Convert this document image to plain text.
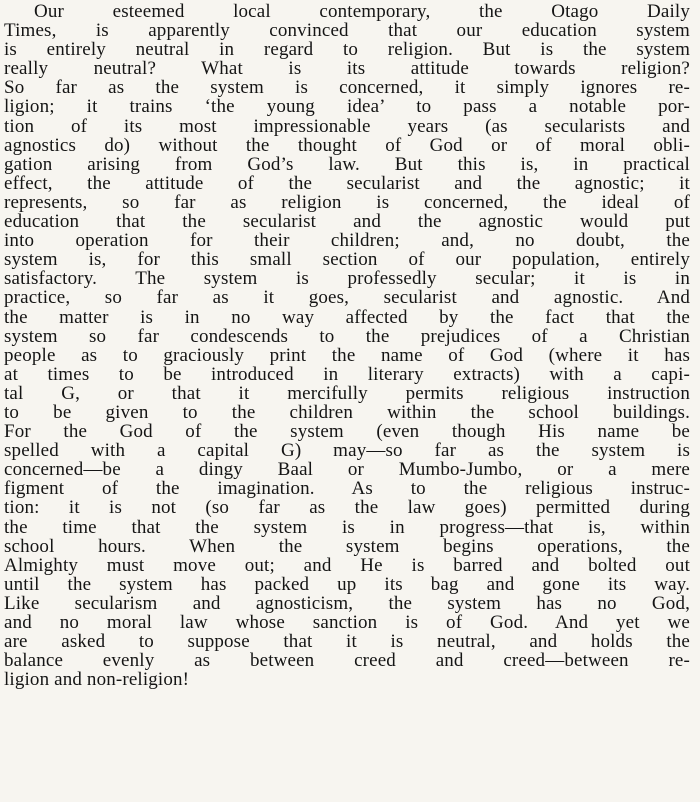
Our esteemed local contemporary, the Otago Daily
Times, is apparently convinced that our education system
is entirely neutral in regard to religion. But is the system
really neutral? What is its attitude towards religion?
So far as the system is concerned, it simply ignores re-
ligion; it trains ‘the young idea’ to pass a notable por-
tion of its most impressionable years (as secularists and
agnostics do) without the thought of God or of moral obli-
gation arising from God’s law. But this is, in practical
effect, the attitude of the secularist and the agnostic; it
represents, so far as religion is concerned, the ideal of
education that the secularist and the agnostic would put
into operation for their children; and, no doubt, the
system is, for this small section of our population, entirely
satisfactory. The system is professedly secular; it is in
practice, so far as it goes, secularist and agnostic. And
the matter is in no way affected by the fact that the
system so far condescends to the prejudices of a Christian
people as to graciously print the name of God (where it has
at times to be introduced in literary extracts) with a capi-
tal G, or that it mercifully permits religious instruction
to be given to the children within the school buildings.
For the God of the system (even though His name be
spelled with a capital G) may—so far as the system is
concerned—be a dingy Baal or Mumbo-Jumbo, or a mere
figment of the imagination. As to the religious instruc-
tion: it is not (so far as the law goes) permitted during
the time that the system is in progress—that is, within
school hours. When the system begins operations, the
Almighty must move out; and He is barred and bolted out
until the system has packed up its bag and gone its way.
Like secularism and agnosticism, the system has no God,
and no moral law whose sanction is of God. And yet we
are asked to suppose that it is neutral, and holds the
balance evenly as between creed and creed—between re-
ligion and non-religion!
